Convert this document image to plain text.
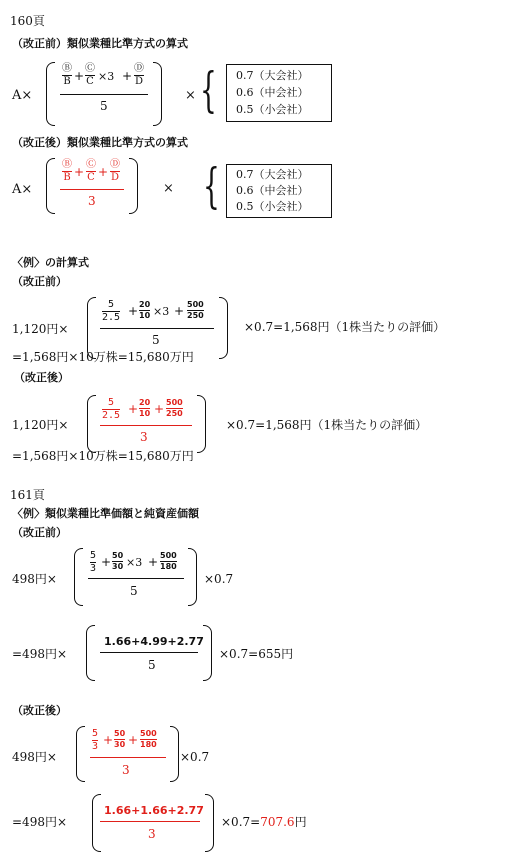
160頁
（改正前）類似業種比準方式の算式
A×
Ⓑ
B +
Ⓒ
C ×3 +
Ⓓ
D
5
× { 0.7（大会社）
0.6（中会社）
0.5（小会社）
（改正後）類似業種比準方式の算式
A×
Ⓑ
B +
Ⓒ
C +
Ⓓ
D
3
× { 0.7（大会社）
0.6（中会社）
0.5（小会社）
〈例〉の計算式
（改正前）
1,120円×
5
2.5 + 20
10 ×3 + 500
250
5
×0.7=1,568円（1株当たりの評価）
=1,568円×10万株=15,680万円
（改正後）
1,120円×
5
2.5 + 20
10 + 500
250
3
×0.7=1,568円（1株当たりの評価）
=1,568円×10万株=15,680万円
161頁
〈例〉類似業種比準価額と純資産価額
（改正前）
498円×
5
3 + 50
30 ×3 + 500
180
5
×0.7
=498円×
1.66+4.99+2.77
5
×0.7=655円
（改正後）
498円×
5
3 + 50
30 + 500
180
3
×0.7
=498円×
1.66+1.66+2.77
3
×0.7=707.6円
